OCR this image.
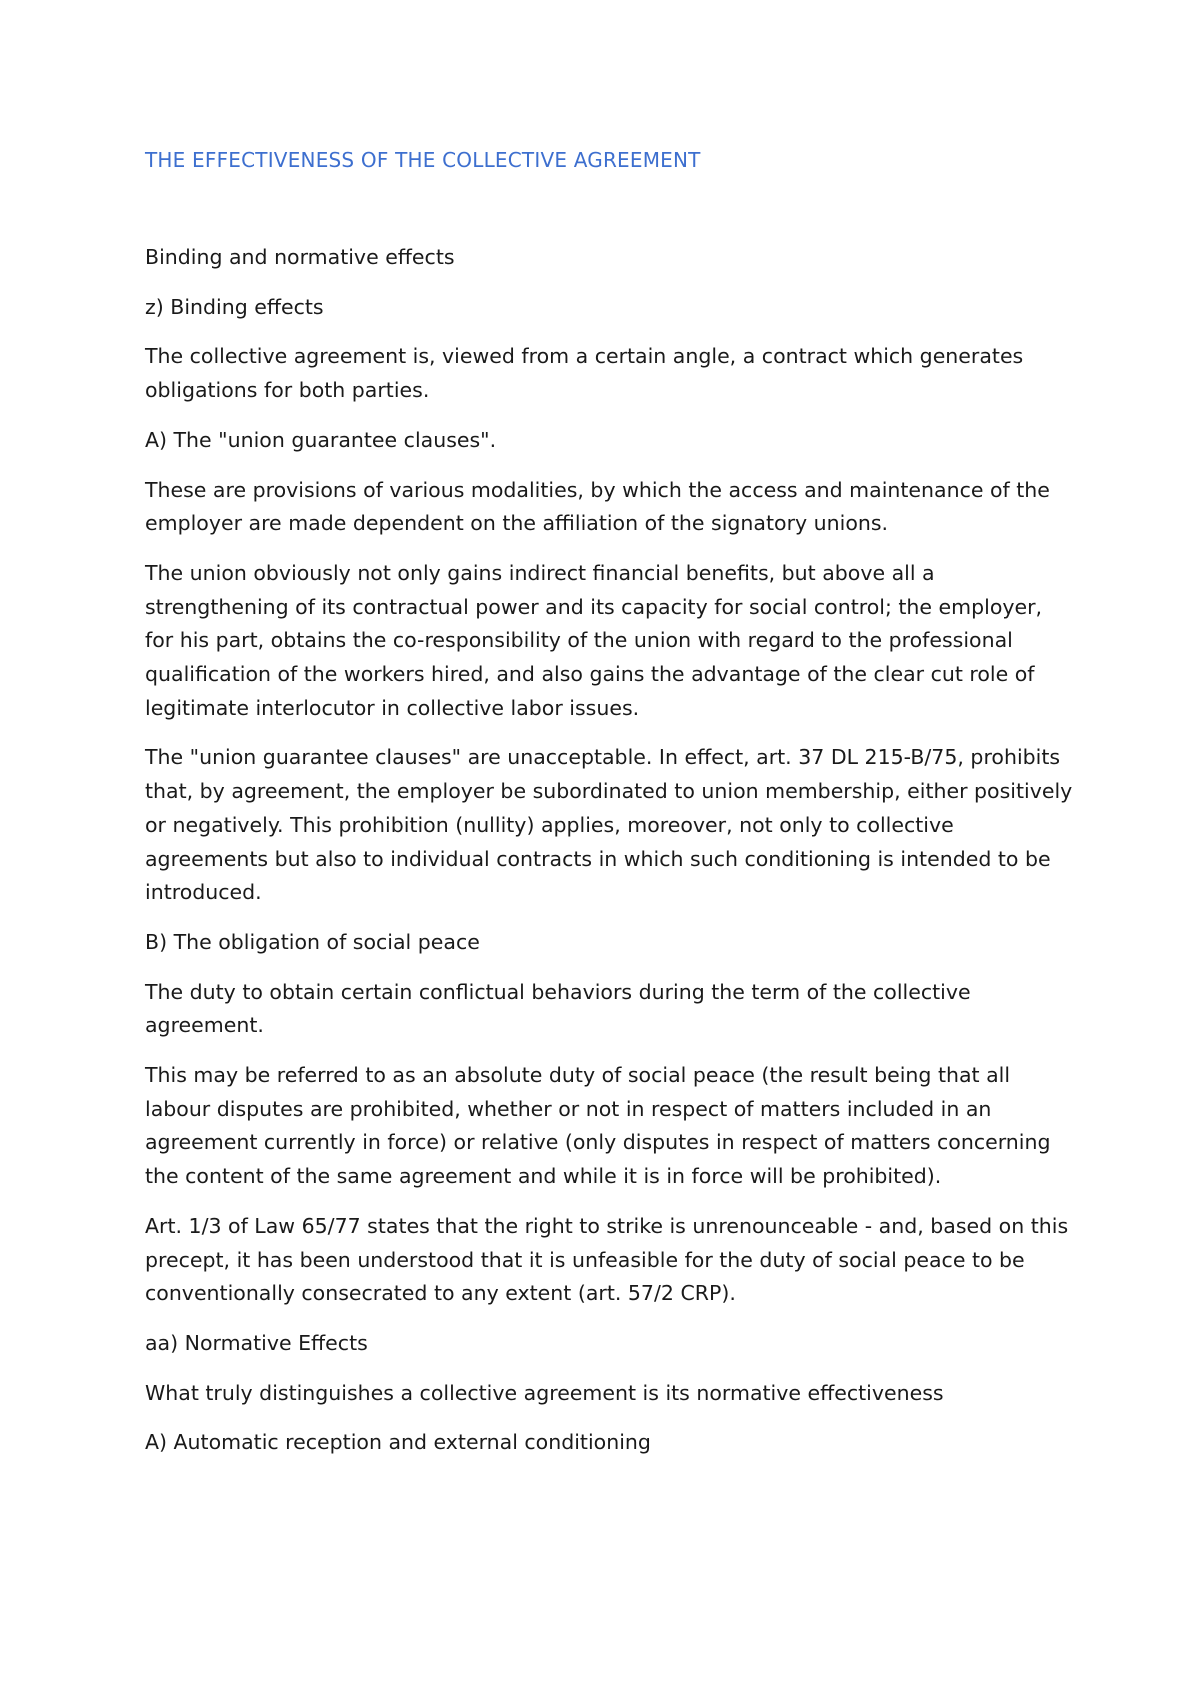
THE EFFECTIVENESS OF THE COLLECTIVE AGREEMENT

Binding and normative effects

z) Binding effects

The collective agreement is, viewed from a certain angle, a contract which generates obligations for both parties.

A) The "union guarantee clauses".

These are provisions of various modalities, by which the access and maintenance of the employer are made dependent on the affiliation of the signatory unions.

The union obviously not only gains indirect financial benefits, but above all a strengthening of its contractual power and its capacity for social control; the employer, for his part, obtains the co-responsibility of the union with regard to the professional qualification of the workers hired, and also gains the advantage of the clear cut role of legitimate interlocutor in collective labor issues.

The "union guarantee clauses" are unacceptable. In effect, art. 37 DL 215-B/75, prohibits that, by agreement, the employer be subordinated to union membership, either positively or negatively. This prohibition (nullity) applies, moreover, not only to collective agreements but also to individual contracts in which such conditioning is intended to be introduced.

B) The obligation of social peace

The duty to obtain certain conflictual behaviors during the term of the collective agreement.

This may be referred to as an absolute duty of social peace (the result being that all labour disputes are prohibited, whether or not in respect of matters included in an agreement currently in force) or relative (only disputes in respect of matters concerning the content of the same agreement and while it is in force will be prohibited).

Art. 1/3 of Law 65/77 states that the right to strike is unrenounceable - and, based on this precept, it has been understood that it is unfeasible for the duty of social peace to be conventionally consecrated to any extent (art. 57/2 CRP).

aa) Normative Effects

What truly distinguishes a collective agreement is its normative effectiveness

A) Automatic reception and external conditioning
